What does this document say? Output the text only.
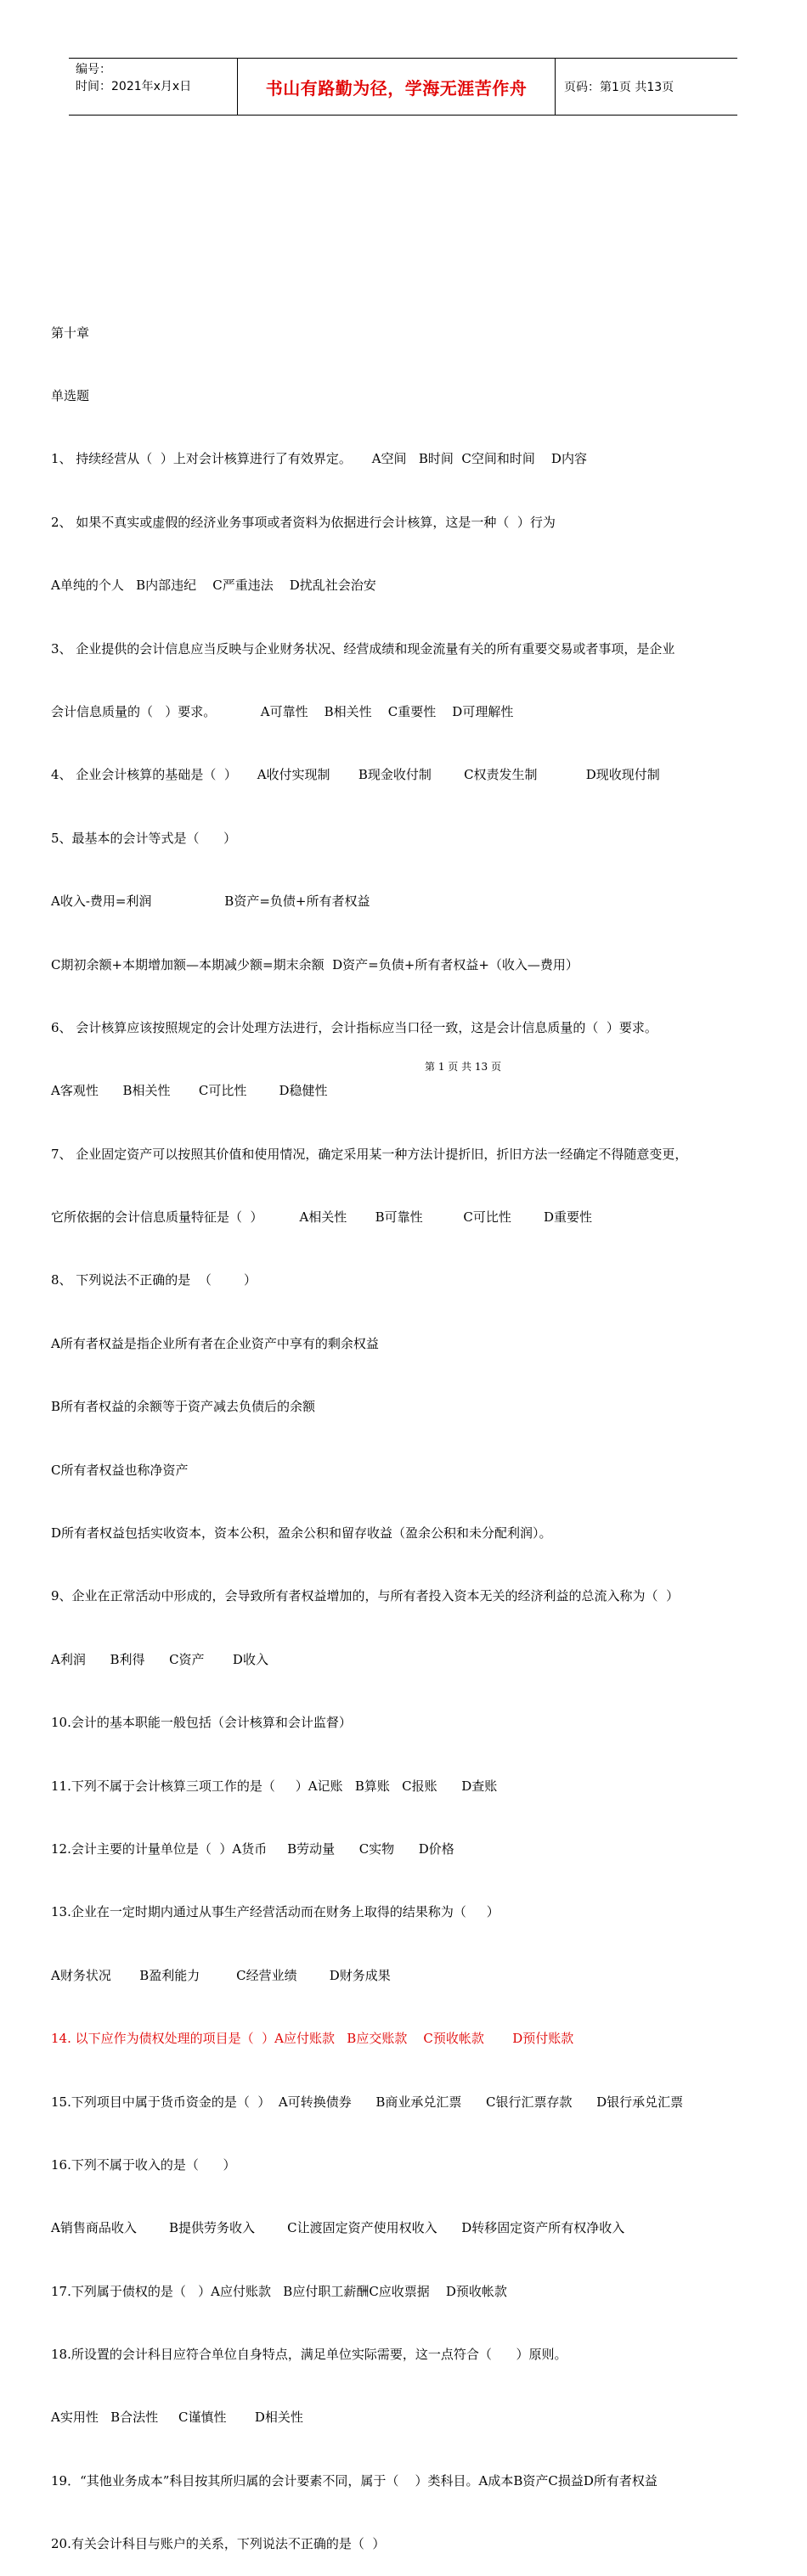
编号：
时间：2021年x月x日	书山有路勤为径，学海无涯苦作舟	页码：第1页 共13页

第十章

单选题

1、 持续经营从（  ）上对会计核算进行了有效界定。     A空间   B时间  C空间和时间    D内容

2、 如果不真实或虚假的经济业务事项或者资料为依据进行会计核算，这是一种（  ）行为

A单纯的个人   B内部违纪    C严重违法    D扰乱社会治安

3、 企业提供的会计信息应当反映与企业财务状况、经营成绩和现金流量有关的所有重要交易或者事项，是企业

会计信息质量的（   ）要求。           A可靠性    B相关性    C重要性    D可理解性

4、 企业会计核算的基础是（  ）     A收付实现制       B现金收付制        C权责发生制            D现收现付制

5、最基本的会计等式是（      ）

A收入-费用=利润                  B资产=负债+所有者权益

C期初余额+本期增加额—本期减少额=期末余额  D资产=负债+所有者权益+（收入—费用）

6、 会计核算应该按照规定的会计处理方法进行，会计指标应当口径一致，这是会计信息质量的（  ）要求。

A客观性      B相关性       C可比性        D稳健性

7、 企业固定资产可以按照其价值和使用情况，确定采用某一种方法计提折旧，折旧方法一经确定不得随意变更，

它所依据的会计信息质量特征是（  ）         A相关性       B可靠性          C可比性        D重要性

8、 下列说法不正确的是  （        ）

A所有者权益是指企业所有者在企业资产中享有的剩余权益

B所有者权益的余额等于资产减去负债后的余额

C所有者权益也称净资产

D所有者权益包括实收资本，资本公积，盈余公积和留存收益（盈余公积和未分配利润）。

9、企业在正常活动中形成的，会导致所有者权益增加的，与所有者投入资本无关的经济利益的总流入称为（  ）

A利润      B利得      C资产       D收入

10.会计的基本职能一般包括（会计核算和会计监督）

11.下列不属于会计核算三项工作的是（     ）A记账   B算账   C报账      D查账

12.会计主要的计量单位是（  ）A货币     B劳动量      C实物      D价格

13.企业在一定时期内通过从事生产经营活动而在财务上取得的结果称为（     ）

A财务状况       B盈利能力         C经营业绩        D财务成果

14. 以下应作为债权处理的项目是（  ）A应付账款   B应交账款    C预收帐款       D预付账款

15.下列项目中属于货币资金的是（  ）  A可转换债券      B商业承兑汇票      C银行汇票存款      D银行承兑汇票

16.下列不属于收入的是（      ）

A销售商品收入        B提供劳务收入        C让渡固定资产使用权收入      D转移固定资产所有权净收入

17.下列属于债权的是（   ）A应付账款   B应付职工薪酬C应收票据    D预收帐款

18.所设置的会计科目应符合单位自身特点，满足单位实际需要，这一点符合（      ）原则。

A实用性   B合法性     C谨慎性       D相关性

19．“其他业务成本”科目按其所归属的会计要素不同，属于（    ）类科目。A成本B资产C损益D所有者权益

20.有关会计科目与账户的关系，下列说法不正确的是（  ）

第 1 页 共 13 页
